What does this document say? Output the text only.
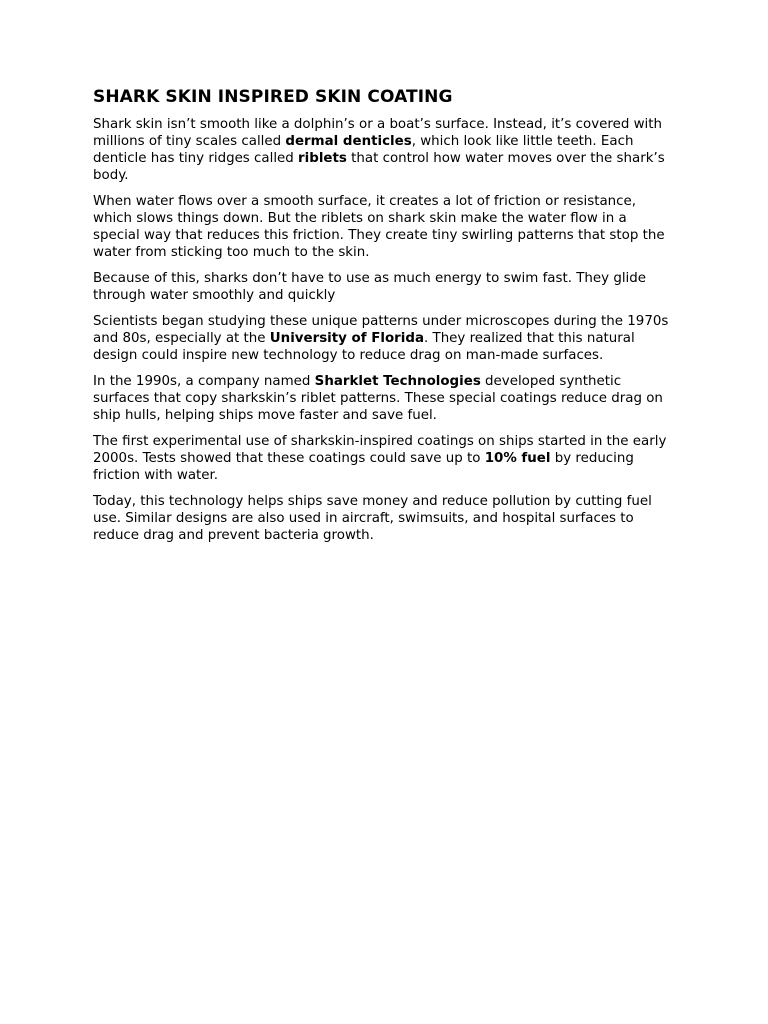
SHARK SKIN INSPIRED SKIN COATING

Shark skin isn’t smooth like a dolphin’s or a boat’s surface. Instead, it’s covered with millions of tiny scales called dermal denticles, which look like little teeth. Each denticle has tiny ridges called riblets that control how water moves over the shark’s body.

When water flows over a smooth surface, it creates a lot of friction or resistance, which slows things down. But the riblets on shark skin make the water flow in a special way that reduces this friction. They create tiny swirling patterns that stop the water from sticking too much to the skin.

Because of this, sharks don’t have to use as much energy to swim fast. They glide through water smoothly and quickly

Scientists began studying these unique patterns under microscopes during the 1970s and 80s, especially at the University of Florida. They realized that this natural design could inspire new technology to reduce drag on man-made surfaces.

In the 1990s, a company named Sharklet Technologies developed synthetic surfaces that copy sharkskin’s riblet patterns. These special coatings reduce drag on ship hulls, helping ships move faster and save fuel.

The first experimental use of sharkskin-inspired coatings on ships started in the early 2000s. Tests showed that these coatings could save up to 10% fuel by reducing friction with water.

Today, this technology helps ships save money and reduce pollution by cutting fuel use. Similar designs are also used in aircraft, swimsuits, and hospital surfaces to reduce drag and prevent bacteria growth.
